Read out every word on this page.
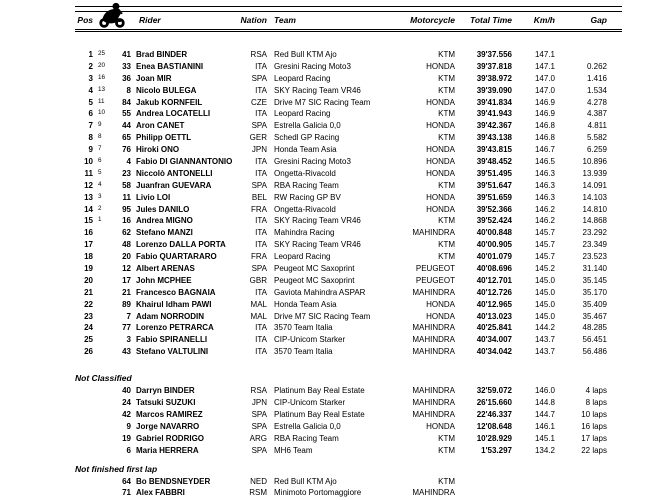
Pos	Rider	Nation Team	Motorcycle	Total Time	Km/h	Gap
1 25	41 Brad BINDER	RSA Red Bull KTM Ajo	KTM	39'37.556	147.1
2 20	33 Enea BASTIANINI	ITA Gresini Racing Moto3	HONDA	39'37.818	147.1	0.262
3 16	36 Joan MIR	SPA Leopard Racing	KTM	39'38.972	147.0	1.416
4 13	8 Nicolo BULEGA	ITA SKY Racing Team VR46	KTM	39'39.090	147.0	1.534
5 11	84 Jakub KORNFEIL	CZE Drive M7 SIC Racing Team	HONDA	39'41.834	146.9	4.278
6 10	55 Andrea LOCATELLI	ITA Leopard Racing	KTM	39'41.943	146.9	4.387
7 9	44 Aron CANET	SPA Estrella Galicia 0,0	HONDA	39'42.367	146.8	4.811
8 8	65 Philipp OETTL	GER Schedl GP Racing	KTM	39'43.138	146.8	5.582
9 7	76 Hiroki ONO	JPN Honda Team Asia	HONDA	39'43.815	146.7	6.259
10 6	4 Fabio DI GIANNANTONIO	ITA Gresini Racing Moto3	HONDA	39'48.452	146.5	10.896
11 5	23 Niccolò ANTONELLI	ITA Ongetta-Rivacold	HONDA	39'51.495	146.3	13.939
12 4	58 Juanfran GUEVARA	SPA RBA Racing Team	KTM	39'51.647	146.3	14.091
13 3	11 Livio LOI	BEL RW Racing GP BV	HONDA	39'51.659	146.3	14.103
14 2	95 Jules DANILO	FRA Ongetta-Rivacold	HONDA	39'52.366	146.2	14.810
15 1	16 Andrea MIGNO	ITA SKY Racing Team VR46	KTM	39'52.424	146.2	14.868
16	62 Stefano MANZI	ITA Mahindra Racing	MAHINDRA	40'00.848	145.7	23.292
17	48 Lorenzo DALLA PORTA	ITA SKY Racing Team VR46	KTM	40'00.905	145.7	23.349
18	20 Fabio QUARTARARO	FRA Leopard Racing	KTM	40'01.079	145.7	23.523
19	12 Albert ARENAS	SPA Peugeot MC Saxoprint	PEUGEOT	40'08.696	145.2	31.140
20	17 John MCPHEE	GBR Peugeot MC Saxoprint	PEUGEOT	40'12.701	145.0	35.145
21	21 Francesco BAGNAIA	ITA Gaviota Mahindra ASPAR	MAHINDRA	40'12.726	145.0	35.170
22	89 Khairul Idham PAWI	MAL Honda Team Asia	HONDA	40'12.965	145.0	35.409
23	7 Adam NORRODIN	MAL Drive M7 SIC Racing Team	HONDA	40'13.023	145.0	35.467
24	77 Lorenzo PETRARCA	ITA 3570 Team Italia	MAHINDRA	40'25.841	144.2	48.285
25	3 Fabio SPIRANELLI	ITA CIP-Unicom Starker	MAHINDRA	40'34.007	143.7	56.451
26	43 Stefano VALTULINI	ITA 3570 Team Italia	MAHINDRA	40'34.042	143.7	56.486
Not Classified
40 Darryn BINDER	RSA Platinum Bay Real Estate	MAHINDRA	32'59.072	146.0	4 laps
24 Tatsuki SUZUKI	JPN CIP-Unicom Starker	MAHINDRA	26'15.660	144.8	8 laps
42 Marcos RAMIREZ	SPA Platinum Bay Real Estate	MAHINDRA	22'46.337	144.7	10 laps
9 Jorge NAVARRO	SPA Estrella Galicia 0,0	HONDA	12'08.648	146.1	16 laps
19 Gabriel RODRIGO	ARG RBA Racing Team	KTM	10'28.929	145.1	17 laps
6 Maria HERRERA	SPA MH6 Team	KTM	1'53.297	134.2	22 laps
Not finished first lap
64 Bo BENDSNEYDER	NED Red Bull KTM Ajo	KTM
71 Alex FABBRI	RSM Minimoto Portomaggiore	MAHINDRA
